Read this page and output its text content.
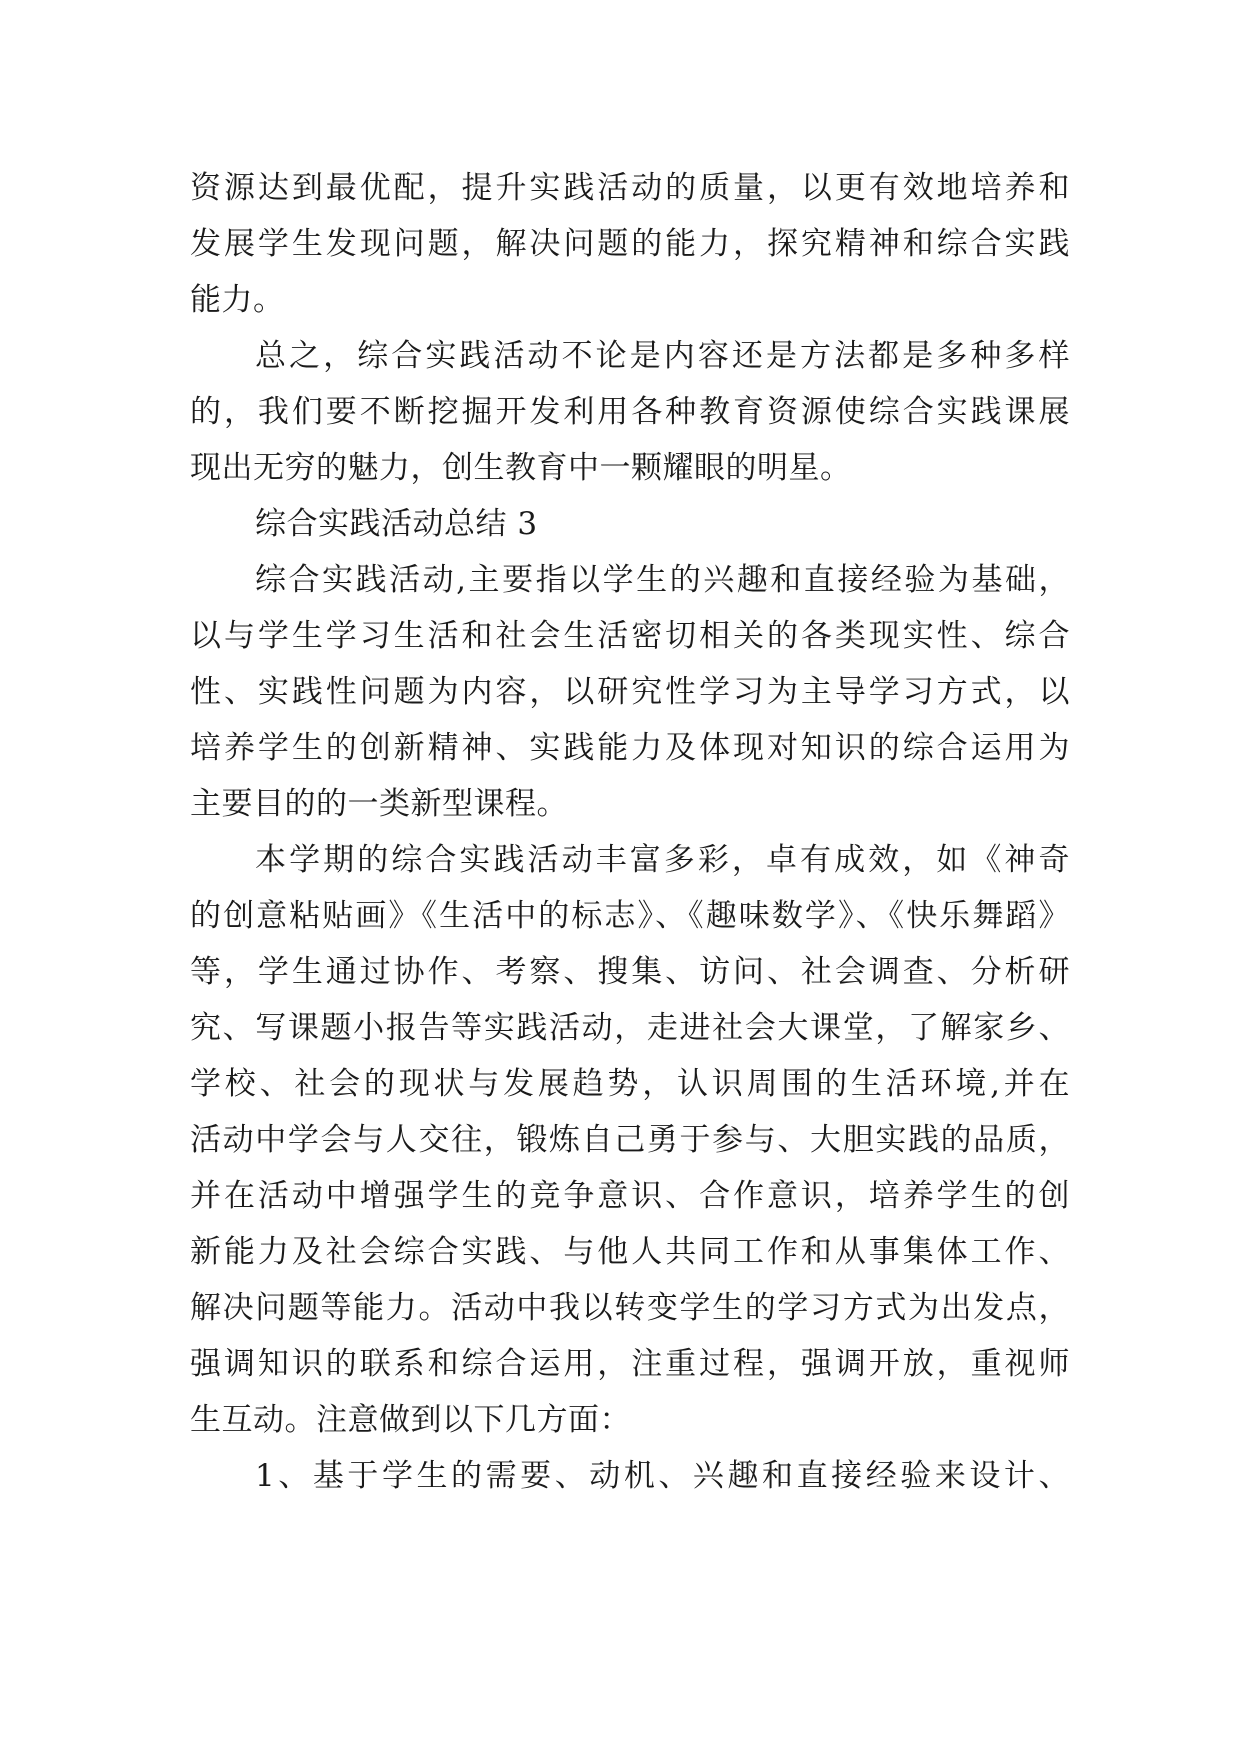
资源达到最优配，提升实践活动的质量，以更有效地培养和
发展学生发现问题，解决问题的能力，探究精神和综合实践
能力。
总之，综合实践活动不论是内容还是方法都是多种多样
的，我们要不断挖掘开发利用各种教育资源使综合实践课展
现出无穷的魅力，创生教育中一颗耀眼的明星。
综合实践活动总结 3
综合实践活动,主要指以学生的兴趣和直接经验为基础，
以与学生学习生活和社会生活密切相关的各类现实性、综合
性、实践性问题为内容，以研究性学习为主导学习方式，以
培养学生的创新精神、实践能力及体现对知识的综合运用为
主要目的的一类新型课程。
本学期的综合实践活动丰富多彩，卓有成效，如《神奇
的创意粘贴画》《生活中的标志》、《趣味数学》、《快乐舞蹈》
等，学生通过协作、考察、搜集、访问、社会调查、分析研
究、写课题小报告等实践活动，走进社会大课堂，了解家乡、
学校、社会的现状与发展趋势，认识周围的生活环境,并在
活动中学会与人交往，锻炼自己勇于参与、大胆实践的品质，
并在活动中增强学生的竞争意识、合作意识，培养学生的创
新能力及社会综合实践、与他人共同工作和从事集体工作、
解决问题等能力。活动中我以转变学生的学习方式为出发点，
强调知识的联系和综合运用，注重过程，强调开放，重视师
生互动。注意做到以下几方面：
1、基于学生的需要、动机、兴趣和直接经验来设计、
